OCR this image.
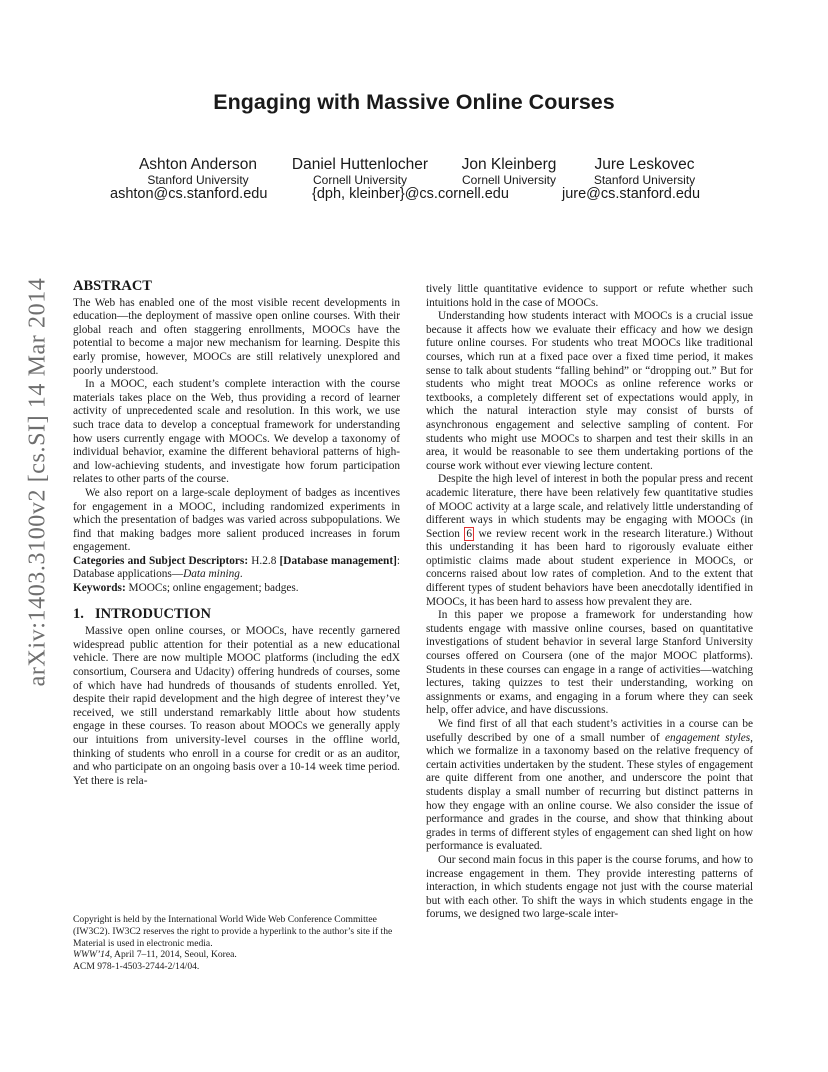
arXiv:1403.3100v2 [cs.SI] 14 Mar 2014
Engaging with Massive Online Courses
Ashton Anderson
Stanford University
Daniel Huttenlocher
Cornell University
Jon Kleinberg
Cornell University
Jure Leskovec
Stanford University
ashton@cs.stanford.edu	{dph, kleinber}@cs.cornell.edu	jure@cs.stanford.edu
ABSTRACT

The Web has enabled one of the most visible recent developments in education—the deployment of massive open online courses. With their global reach and often staggering enrollments, MOOCs have the potential to become a major new mechanism for learning. Despite this early promise, however, MOOCs are still relatively unexplored and poorly understood.

In a MOOC, each student’s complete interaction with the course materials takes place on the Web, thus providing a record of learner activity of unprecedented scale and resolution. In this work, we use such trace data to develop a conceptual framework for understanding how users currently engage with MOOCs. We develop a taxonomy of individual behavior, examine the different behavioral patterns of high- and low-achieving students, and investigate how forum participation relates to other parts of the course.

We also report on a large-scale deployment of badges as incentives for engagement in a MOOC, including randomized experiments in which the presentation of badges was varied across subpopulations. We find that making badges more salient produced increases in forum engagement.

Categories and Subject Descriptors: H.2.8 [Database management]: Database applications—Data mining.

Keywords: MOOCs; online engagement; badges.

1. INTRODUCTION

Massive open online courses, or MOOCs, have recently garnered widespread public attention for their potential as a new educational vehicle. There are now multiple MOOC platforms (including the edX consortium, Coursera and Udacity) offering hundreds of courses, some of which have had hundreds of thousands of students enrolled. Yet, despite their rapid development and the high degree of interest they’ve received, we still understand remarkably little about how students engage in these courses. To reason about MOOCs we generally apply our intuitions from university-level courses in the offline world, thinking of students who enroll in a course for credit or as an auditor, and who participate on an ongoing basis over a 10-14 week time period. Yet there is rela-

Copyright is held by the International World Wide Web Conference Committee (IW3C2). IW3C2 reserves the right to provide a hyperlink to the author’s site if the Material is used in electronic media.
WWW’14, April 7–11, 2014, Seoul, Korea.
ACM 978-1-4503-2744-2/14/04.

tively little quantitative evidence to support or refute whether such intuitions hold in the case of MOOCs.

Understanding how students interact with MOOCs is a crucial issue because it affects how we evaluate their efficacy and how we design future online courses. For students who treat MOOCs like traditional courses, which run at a fixed pace over a fixed time period, it makes sense to talk about students “falling behind” or “dropping out.” But for students who might treat MOOCs as online reference works or textbooks, a completely different set of expectations would apply, in which the natural interaction style may consist of bursts of asynchronous engagement and selective sampling of content. For students who might use MOOCs to sharpen and test their skills in an area, it would be reasonable to see them undertaking portions of the course work without ever viewing lecture content.

Despite the high level of interest in both the popular press and recent academic literature, there have been relatively few quantitative studies of MOOC activity at a large scale, and relatively little understanding of different ways in which students may be engaging with MOOCs (in Section 6 we review recent work in the research literature.) Without this understanding it has been hard to rigorously evaluate either optimistic claims made about student experience in MOOCs, or concerns raised about low rates of completion. And to the extent that different types of student behaviors have been anecdotally identified in MOOCs, it has been hard to assess how prevalent they are.

In this paper we propose a framework for understanding how students engage with massive online courses, based on quantitative investigations of student behavior in several large Stanford University courses offered on Coursera (one of the major MOOC platforms). Students in these courses can engage in a range of activities—watching lectures, taking quizzes to test their understanding, working on assignments or exams, and engaging in a forum where they can seek help, offer advice, and have discussions.

We find first of all that each student’s activities in a course can be usefully described by one of a small number of engagement styles, which we formalize in a taxonomy based on the relative frequency of certain activities undertaken by the student. These styles of engagement are quite different from one another, and underscore the point that students display a small number of recurring but distinct patterns in how they engage with an online course. We also consider the issue of performance and grades in the course, and show that thinking about grades in terms of different styles of engagement can shed light on how performance is evaluated.

Our second main focus in this paper is the course forums, and how to increase engagement in them. They provide interesting patterns of interaction, in which students engage not just with the course material but with each other. To shift the ways in which students engage in the forums, we designed two large-scale inter-
